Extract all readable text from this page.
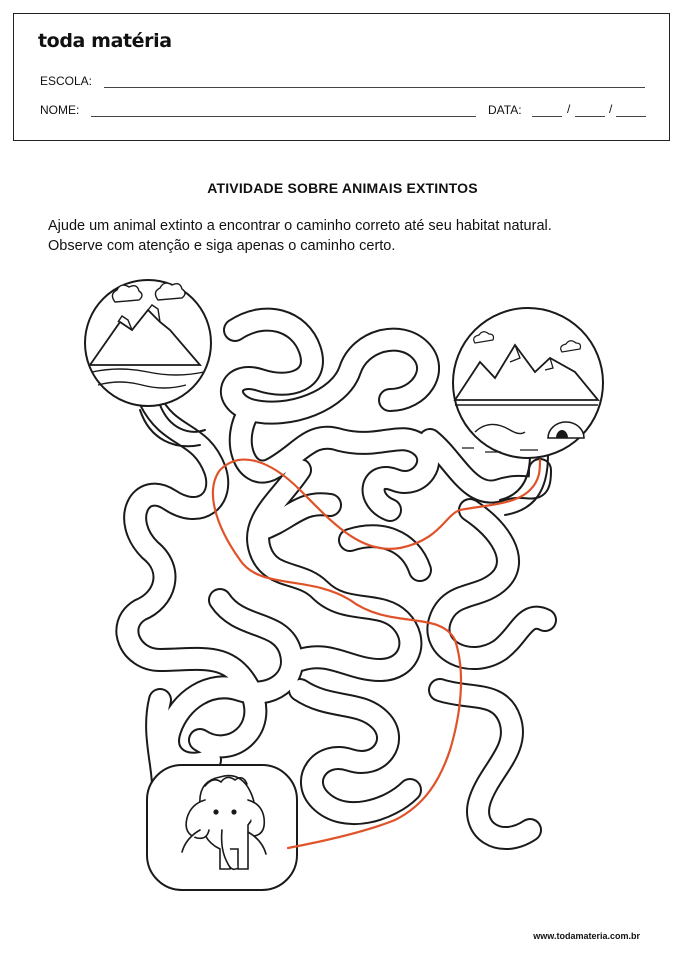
toda matéria
ESCOLA:
NOME:	DATA:	/	/
ATIVIDADE SOBRE ANIMAIS EXTINTOS

Ajude um animal extinto a encontrar o caminho correto até seu habitat natural.

Observe com atenção e siga apenas o caminho certo.

www.todamateria.com.br
